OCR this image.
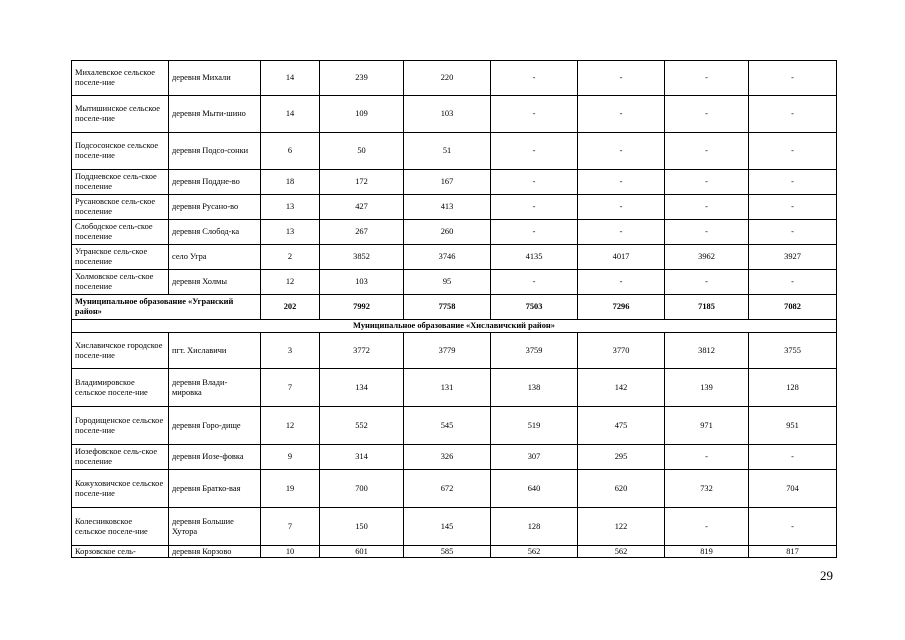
Михалевское сельское поселе-ние	деревня Михали	14	239	220	-	-	-	-
Мытишинское сельское поселе-ние	деревня Мыти-шино	14	109	103	-	-	-	-
Подсосонское сельское поселе-ние	деревня Подсо-сонки	6	50	51	-	-	-	-
Поддневское сель-ское поселение	деревня Поддне-во	18	172	167	-	-	-	-
Русановское сель-ское поселение	деревня Русано-во	13	427	413	-	-	-	-
Слободское сель-ское поселение	деревня Слобод-ка	13	267	260	-	-	-	-
Угранское сель-ское поселение	село Угра	2	3852	3746	4135	4017	3962	3927
Холмовское сель-ское поселение	деревня Холмы	12	103	95	-	-	-	-
Муниципальное образование «Угранский район»		202	7992	7758	7503	7296	7185	7082
Муниципальное образование «Хиславичский район»								
Хиславичское городское поселе-ние	пгт. Хиславичи	3	3772	3779	3759	3770	3812	3755
Владимировское сельское поселе-ние	деревня Влади-мировка	7	134	131	138	142	139	128
Городищенское сельское поселе-ние	деревня Горо-дище	12	552	545	519	475	971	951
Иозефовское сель-ское поселение	деревня Иозе-фовка	9	314	326	307	295	-	-
Кожуховичское сельское поселе-ние	деревня Братко-вая	19	700	672	640	620	732	704
Колесниковское сельское поселе-ние	деревня Большие Хутора	7	150	145	128	122	-	-
Корзовское сель-	деревня Корзово	10	601	585	562	562	819	817
29
